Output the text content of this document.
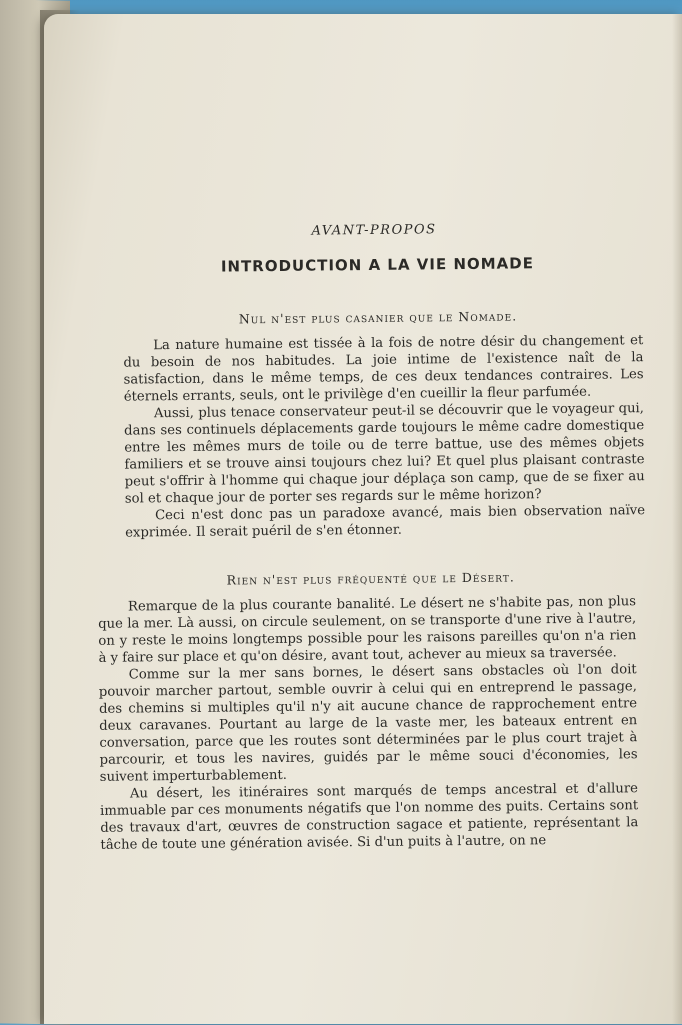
AVANT-PROPOS
INTRODUCTION A LA VIE NOMADE
Nul n'est plus casanier que le Nomade.

La nature humaine est tissée à la fois de notre désir du changement et du besoin de nos habitudes. La joie intime de l'existence naît de la satisfaction, dans le même temps, de ces deux tendances contraires. Les éternels errants, seuls, ont le privilège d'en cueillir la fleur parfumée.

Aussi, plus tenace conservateur peut-il se découvrir que le voyageur qui, dans ses continuels déplacements garde toujours le même cadre domestique entre les mêmes murs de toile ou de terre battue, use des mêmes objets familiers et se trouve ainsi toujours chez lui? Et quel plus plaisant contraste peut s'offrir à l'homme qui chaque jour déplaça son camp, que de se fixer au sol et chaque jour de porter ses regards sur le même horizon?

Ceci n'est donc pas un paradoxe avancé, mais bien observation naïve exprimée. Il serait puéril de s'en étonner.

Rien n'est plus fréquenté que le Désert.

Remarque de la plus courante banalité. Le désert ne s'habite pas, non plus que la mer. Là aussi, on circule seulement, on se transporte d'une rive à l'autre, on y reste le moins longtemps possible pour les raisons pareilles qu'on n'a rien à y faire sur place et qu'on désire, avant tout, achever au mieux sa traversée.

Comme sur la mer sans bornes, le désert sans obstacles où l'on doit pouvoir marcher partout, semble ouvrir à celui qui en entreprend le passage, des chemins si multiples qu'il n'y ait aucune chance de rapprochement entre deux caravanes. Pourtant au large de la vaste mer, les bateaux entrent en conversation, parce que les routes sont déterminées par le plus court trajet à parcourir, et tous les navires, guidés par le même souci d'économies, les suivent imperturbablement.

Au désert, les itinéraires sont marqués de temps ancestral et d'allure immuable par ces monuments négatifs que l'on nomme des puits. Certains sont des travaux d'art, œuvres de construction sagace et patiente, représentant la tâche de toute une génération avisée. Si d'un puits à l'autre, on ne
